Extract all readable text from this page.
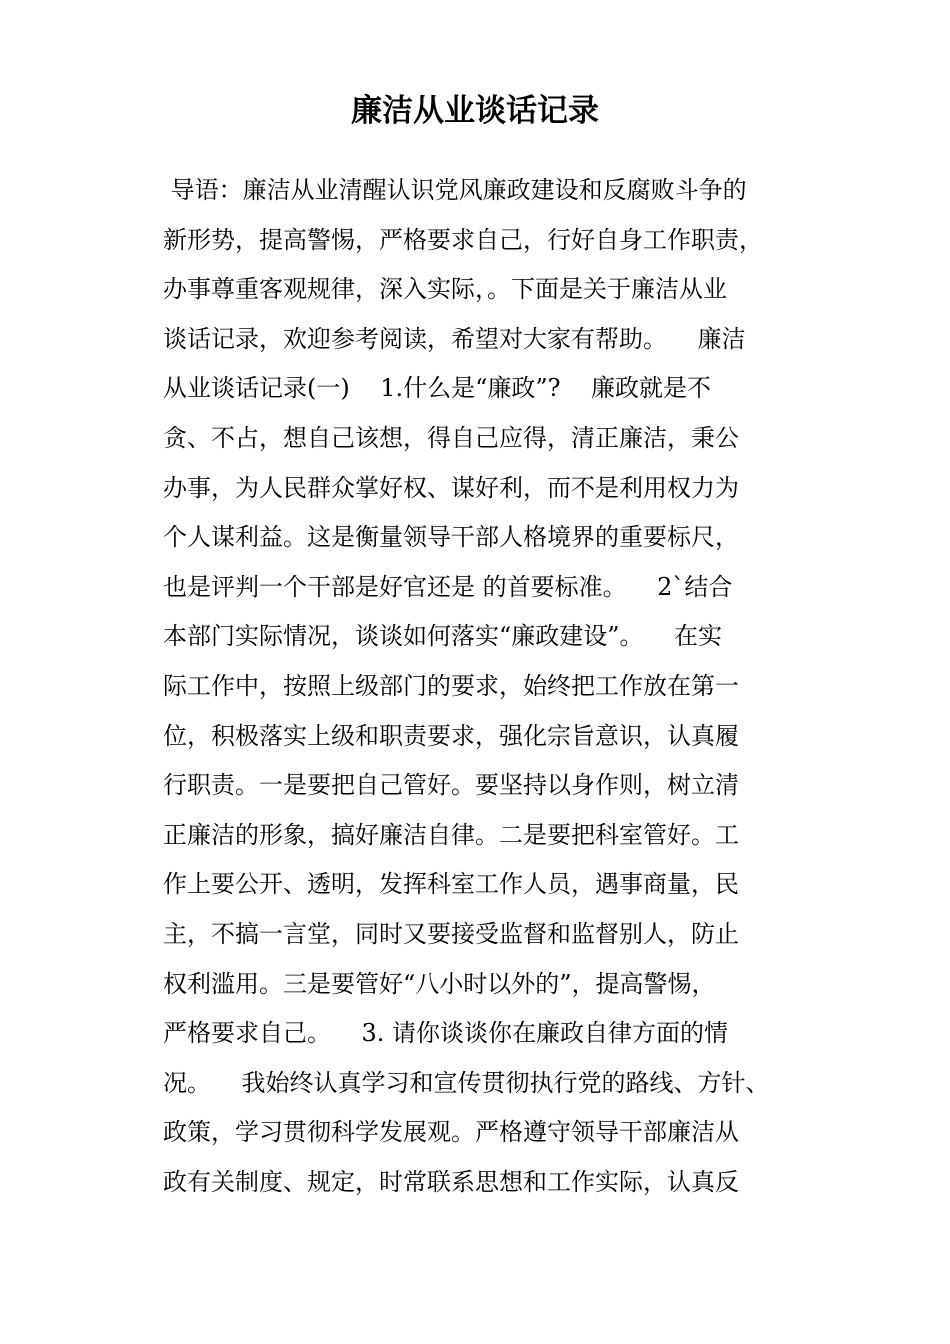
廉洁从业谈话记录
导语：廉洁从业清醒认识党风廉政建设和反腐败斗争的
新形势，提高警惕，严格要求自己，行好自身工作职责，
办事尊重客观规律，深入实际，。下面是关于廉洁从业
谈话记录，欢迎参考阅读，希望对大家有帮助。    廉洁
从业谈话记录(一)    1.什么是“廉政”?    廉政就是不
贪、不占，想自己该想，得自己应得，清正廉洁，秉公
办事，为人民群众掌好权、谋好利，而不是利用权力为
个人谋利益。这是衡量领导干部人格境界的重要标尺，
也是评判一个干部是好官还是 的首要标准。    2`结合
本部门实际情况，谈谈如何落实“廉政建设”。    在实
际工作中，按照上级部门的要求，始终把工作放在第一
位，积极落实上级和职责要求，强化宗旨意识，认真履
行职责。一是要把自己管好。要坚持以身作则，树立清
正廉洁的形象，搞好廉洁自律。二是要把科室管好。工
作上要公开、透明，发挥科室工作人员，遇事商量，民
主，不搞一言堂，同时又要接受监督和监督别人，防止
权利滥用。三是要管好“八小时以外的”，提高警惕，
严格要求自己。    3. 请你谈谈你在廉政自律方面的情
况。    我始终认真学习和宣传贯彻执行党的路线、方针、
政策，学习贯彻科学发展观。严格遵守领导干部廉洁从
政有关制度、规定，时常联系思想和工作实际，认真反
